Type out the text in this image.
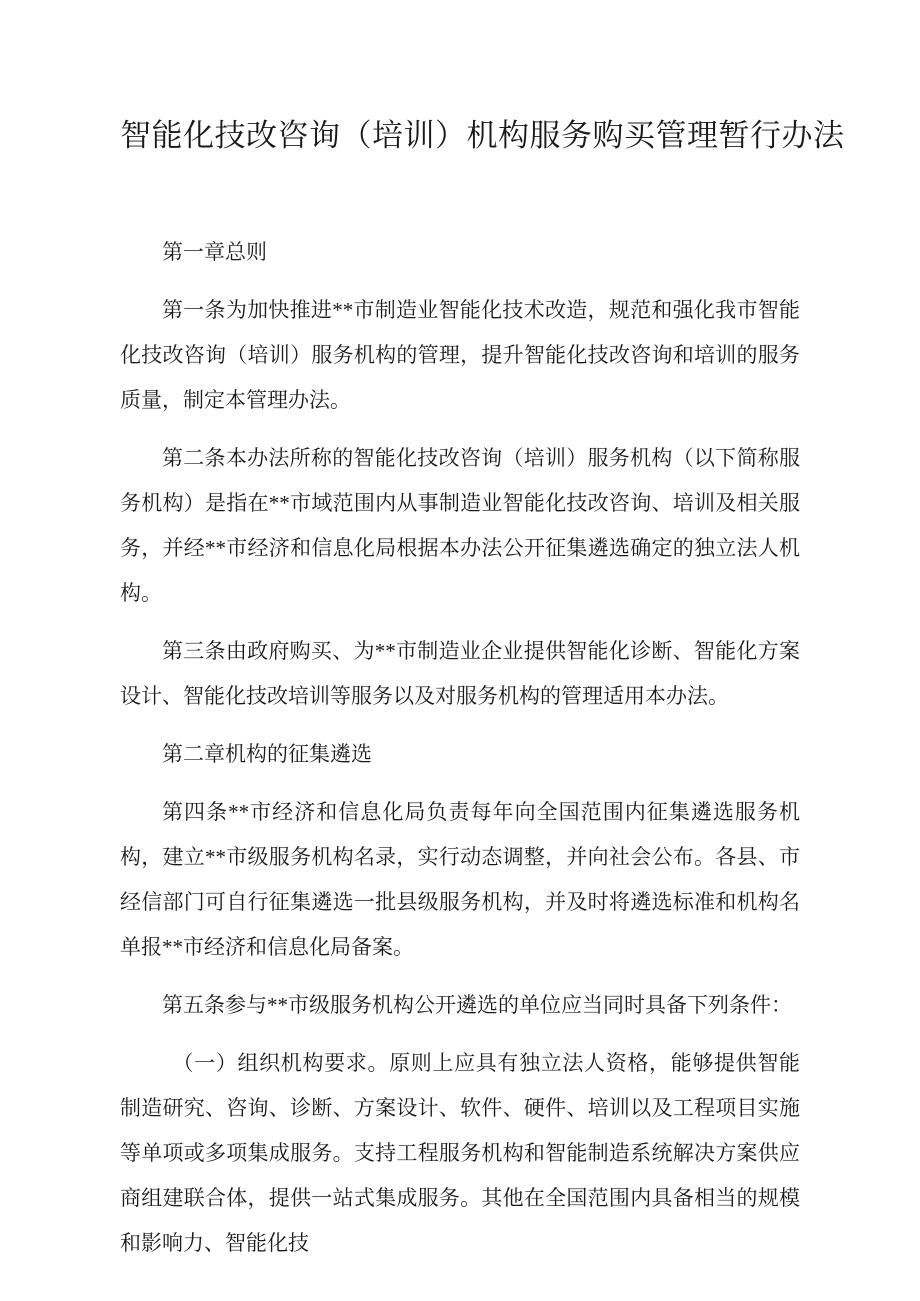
智能化技改咨询（培训）机构服务购买管理暂行办法

第一章总则

第一条为加快推进**市制造业智能化技术改造，规范和强化我市智能化技改咨询（培训）服务机构的管理，提升智能化技改咨询和培训的服务质量，制定本管理办法。

第二条本办法所称的智能化技改咨询（培训）服务机构（以下简称服务机构）是指在**市域范围内从事制造业智能化技改咨询、培训及相关服务，并经**市经济和信息化局根据本办法公开征集遴选确定的独立法人机构。

第三条由政府购买、为**市制造业企业提供智能化诊断、智能化方案设计、智能化技改培训等服务以及对服务机构的管理适用本办法。

第二章机构的征集遴选

第四条**市经济和信息化局负责每年向全国范围内征集遴选服务机构，建立**市级服务机构名录，实行动态调整，并向社会公布。各县、市经信部门可自行征集遴选一批县级服务机构，并及时将遴选标准和机构名单报**市经济和信息化局备案。

第五条参与**市级服务机构公开遴选的单位应当同时具备下列条件：

（一）组织机构要求。原则上应具有独立法人资格，能够提供智能制造研究、咨询、诊断、方案设计、软件、硬件、培训以及工程项目实施等单项或多项集成服务。支持工程服务机构和智能制造系统解决方案供应商组建联合体，提供一站式集成服务。其他在全国范围内具备相当的规模和影响力、智能化技
